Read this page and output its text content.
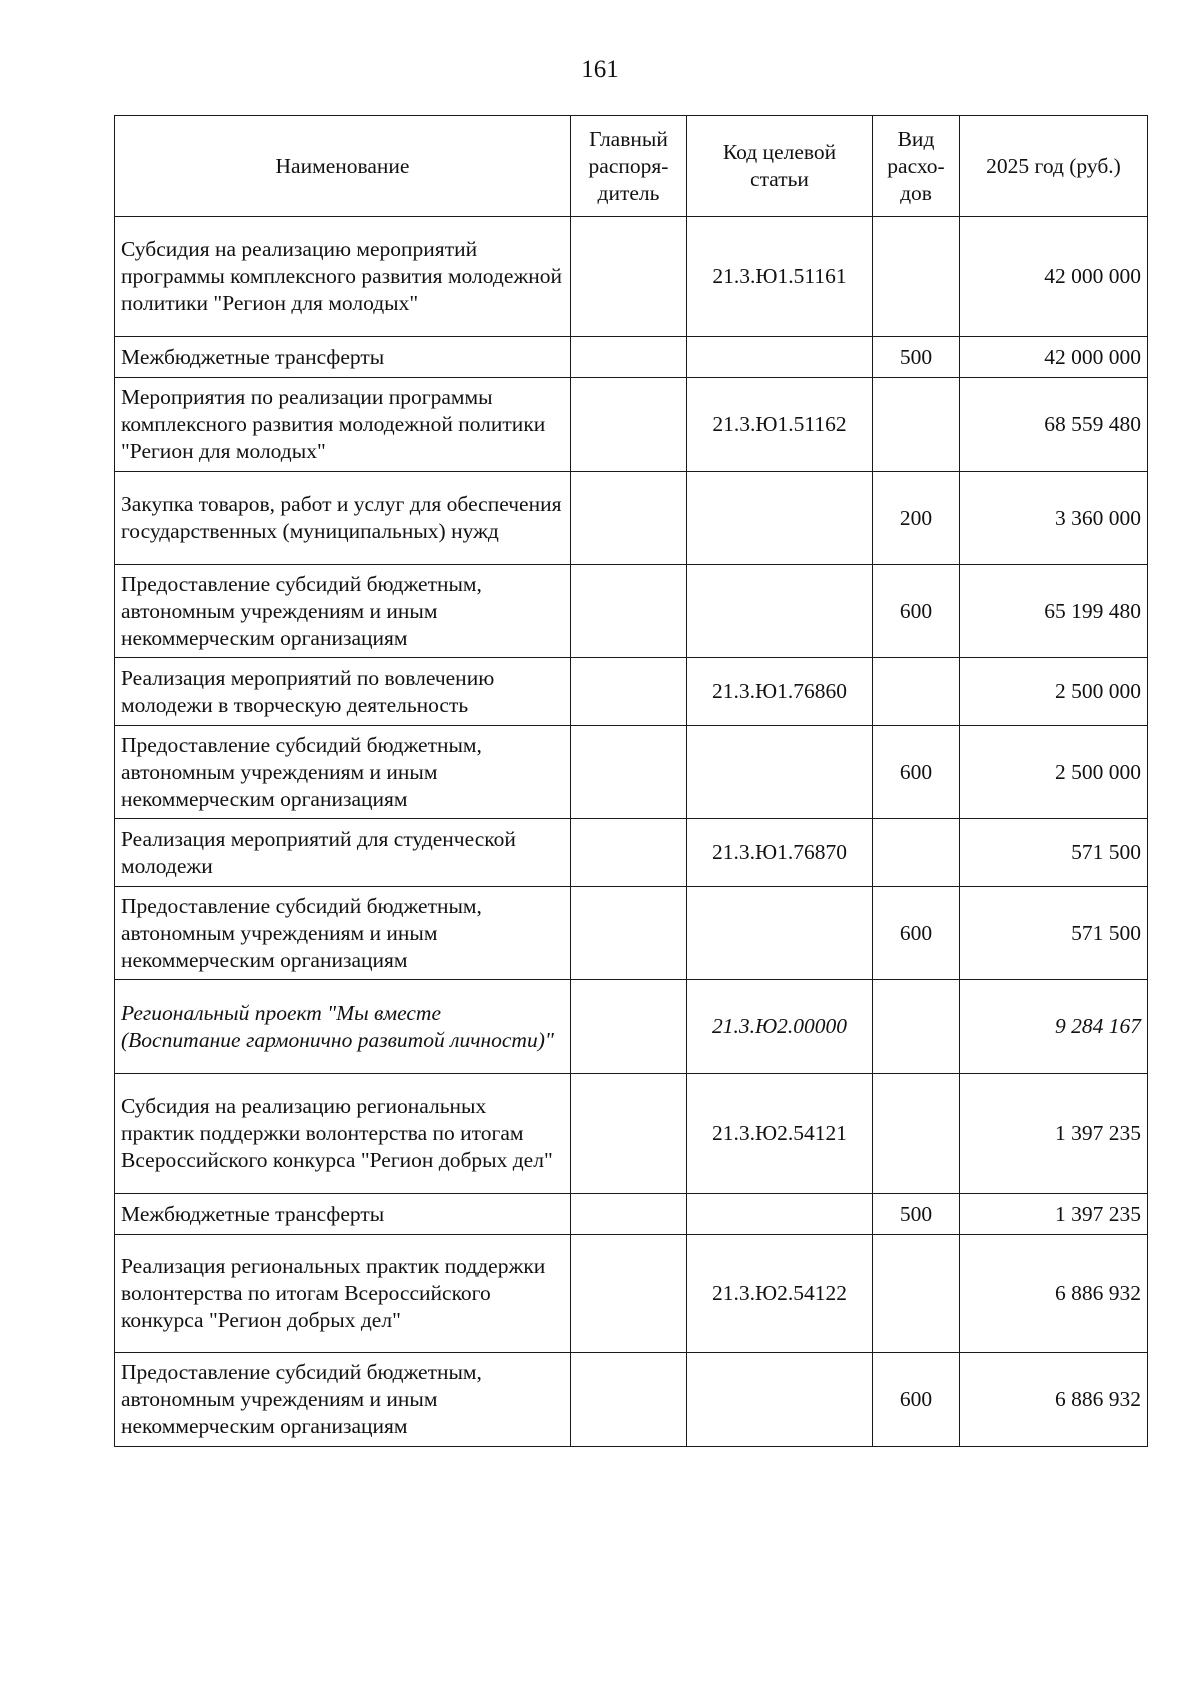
161
Наименование	Главный
распоря-
дитель	Код целевой статьи	Вид
расхо-
дов	2025 год (руб.)
Субсидия на реализацию мероприятий программы комплексного развития молодежной политики "Регион для молодых"		21.3.Ю1.51161		42 000 000
Межбюджетные трансферты			500	42 000 000
Мероприятия по реализации программы комплексного развития молодежной политики "Регион для молодых"		21.3.Ю1.51162		68 559 480
Закупка товаров, работ и услуг для обеспечения государственных (муниципальных) нужд			200	3 360 000
Предоставление субсидий бюджетным, автономным учреждениям и иным некоммерческим организациям			600	65 199 480
Реализация мероприятий по вовлечению молодежи в творческую деятельность		21.3.Ю1.76860		2 500 000
Предоставление субсидий бюджетным, автономным учреждениям и иным некоммерческим организациям			600	2 500 000
Реализация мероприятий для студенческой молодежи		21.3.Ю1.76870		571 500
Предоставление субсидий бюджетным, автономным учреждениям и иным некоммерческим организациям			600	571 500
Региональный проект "Мы вместе (Воспитание гармонично развитой личности)"		21.3.Ю2.00000		9 284 167
Субсидия на реализацию региональных практик поддержки волонтерства по итогам Всероссийского конкурса "Регион добрых дел"		21.3.Ю2.54121		1 397 235
Межбюджетные трансферты			500	1 397 235
Реализация региональных практик поддержки волонтерства по итогам Всероссийского конкурса "Регион добрых дел"		21.3.Ю2.54122		6 886 932
Предоставление субсидий бюджетным, автономным учреждениям и иным некоммерческим организациям			600	6 886 932
